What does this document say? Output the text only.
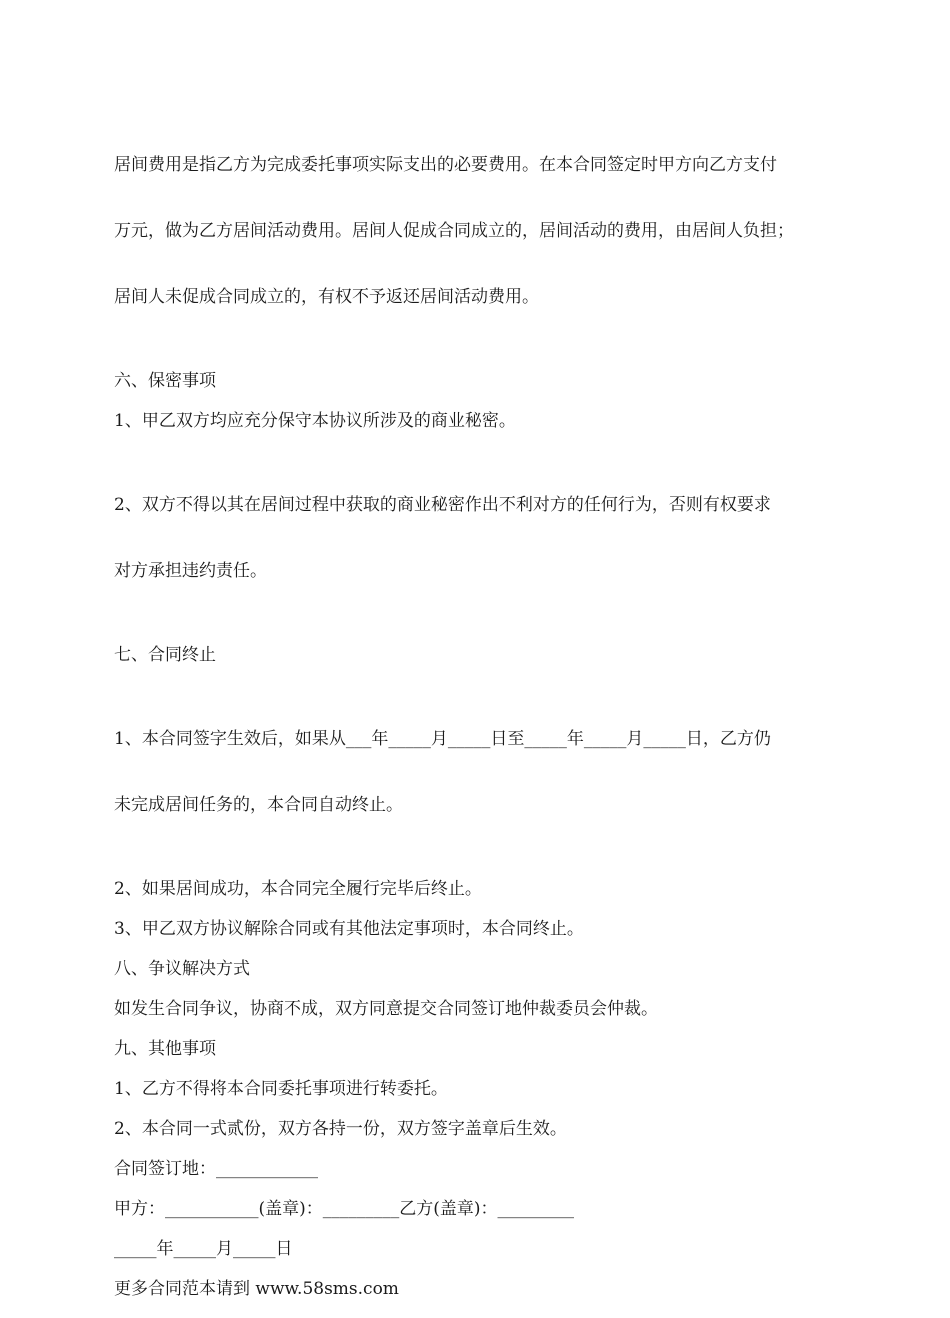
居间费用是指乙方为完成委托事项实际支出的必要费用。在本合同签定时甲方向乙方支付

万元，做为乙方居间活动费用。居间人促成合同成立的，居间活动的费用，由居间人负担；

居间人未促成合同成立的，有权不予返还居间活动费用。

六、保密事项
1、甲乙双方均应充分保守本协议所涉及的商业秘密。

2、双方不得以其在居间过程中获取的商业秘密作出不利对方的任何行为，否则有权要求

对方承担违约责任。

七、合同终止

1、本合同签字生效后，如果从___年_____月_____日至_____年_____月_____日，乙方仍

未完成居间任务的，本合同自动终止。

2、如果居间成功，本合同完全履行完毕后终止。
3、甲乙双方协议解除合同或有其他法定事项时，本合同终止。
八、争议解决方式
如发生合同争议，协商不成，双方同意提交合同签订地仲裁委员会仲裁。
九、其他事项
1、乙方不得将本合同委托事项进行转委托。
2、本合同一式贰份，双方各持一份，双方签字盖章后生效。
合同签订地：____________
甲方：___________(盖章)：_________乙方(盖章)：_________
_____年_____月_____日
更多合同范本请到 www.58sms.com
